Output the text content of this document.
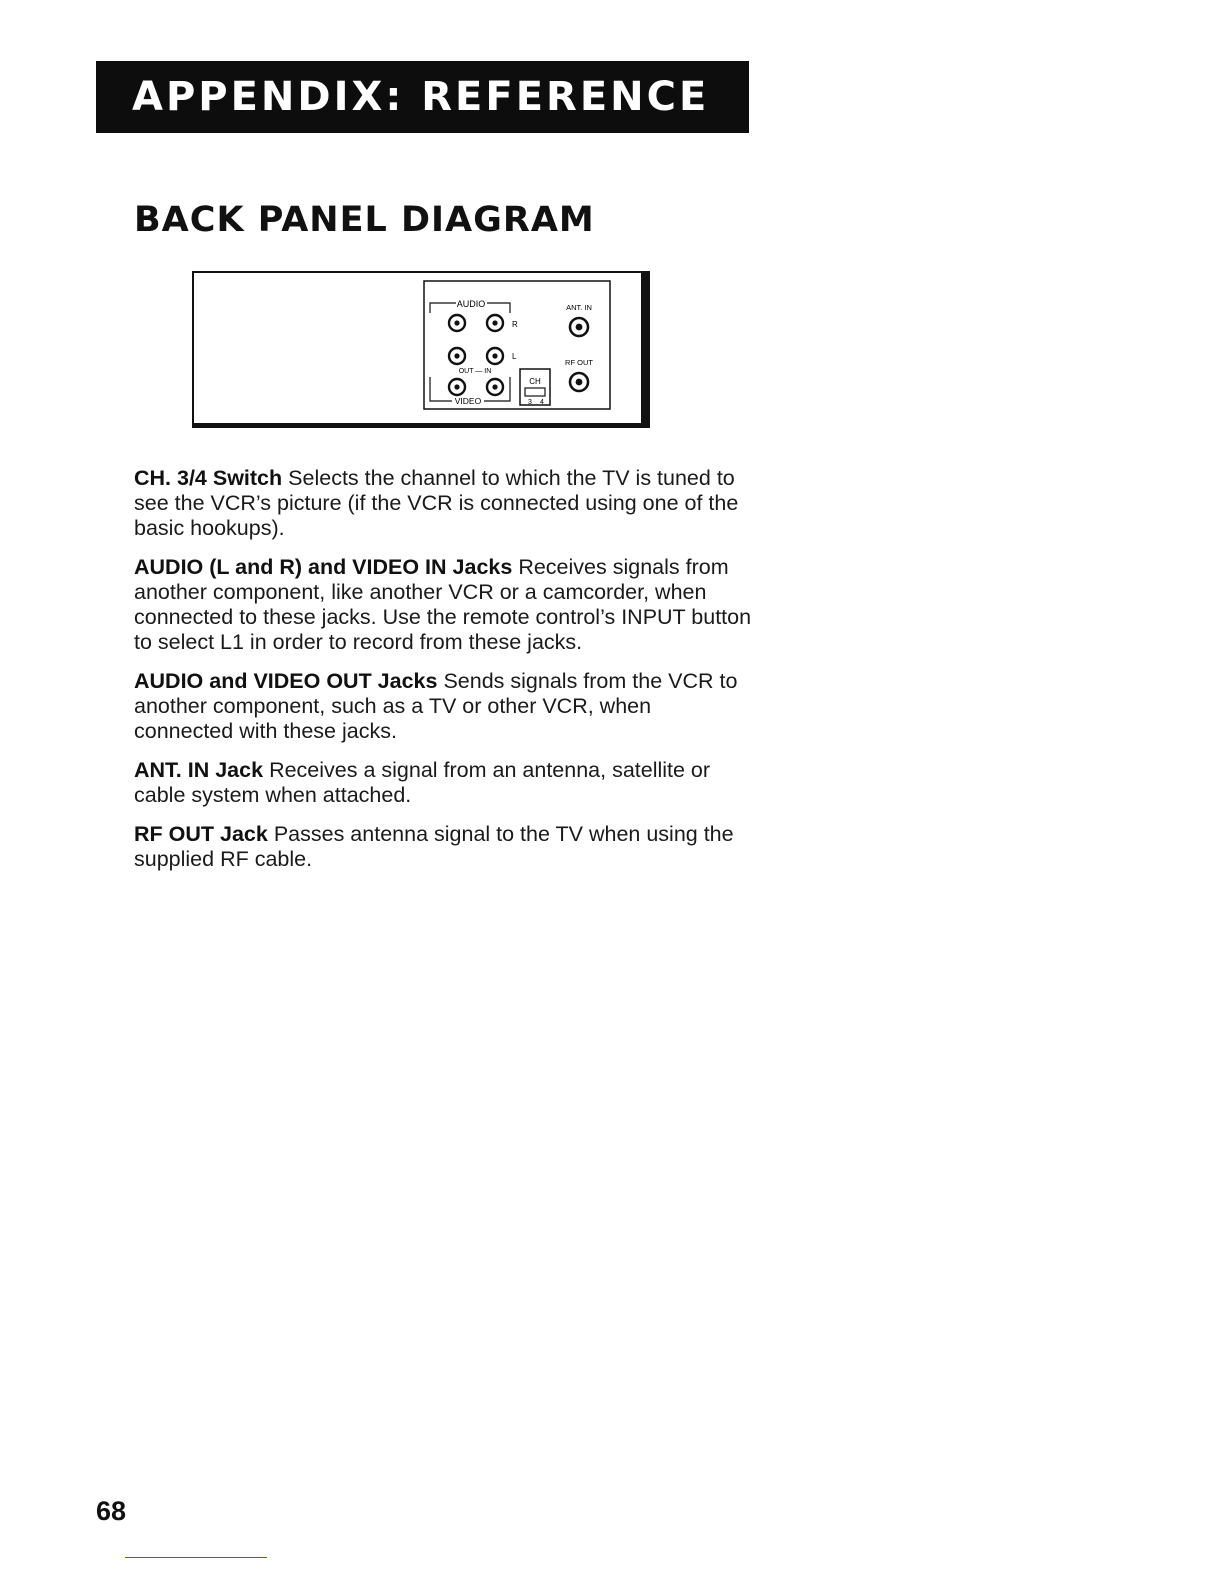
APPENDIX: REFERENCE
BACK PANEL DIAGRAM
AUDIO
R
L
OUT — IN
VIDEO
CH
3 4
ANT. IN
RF OUT

CH. 3/4 Switch Selects the channel to which the TV is tuned to see the VCR’s picture (if the VCR is connected using one of the basic hookups).

AUDIO (L and R) and VIDEO IN Jacks Receives signals from another component, like another VCR or a camcorder, when connected to these jacks. Use the remote control’s INPUT button to select L1 in order to record from these jacks.

AUDIO and VIDEO OUT Jacks Sends signals from the VCR to another component, such as a TV or other VCR, when connected with these jacks.

ANT. IN Jack Receives a signal from an antenna, satellite or cable system when attached.

RF OUT Jack Passes antenna signal to the TV when using the supplied RF cable.

68
